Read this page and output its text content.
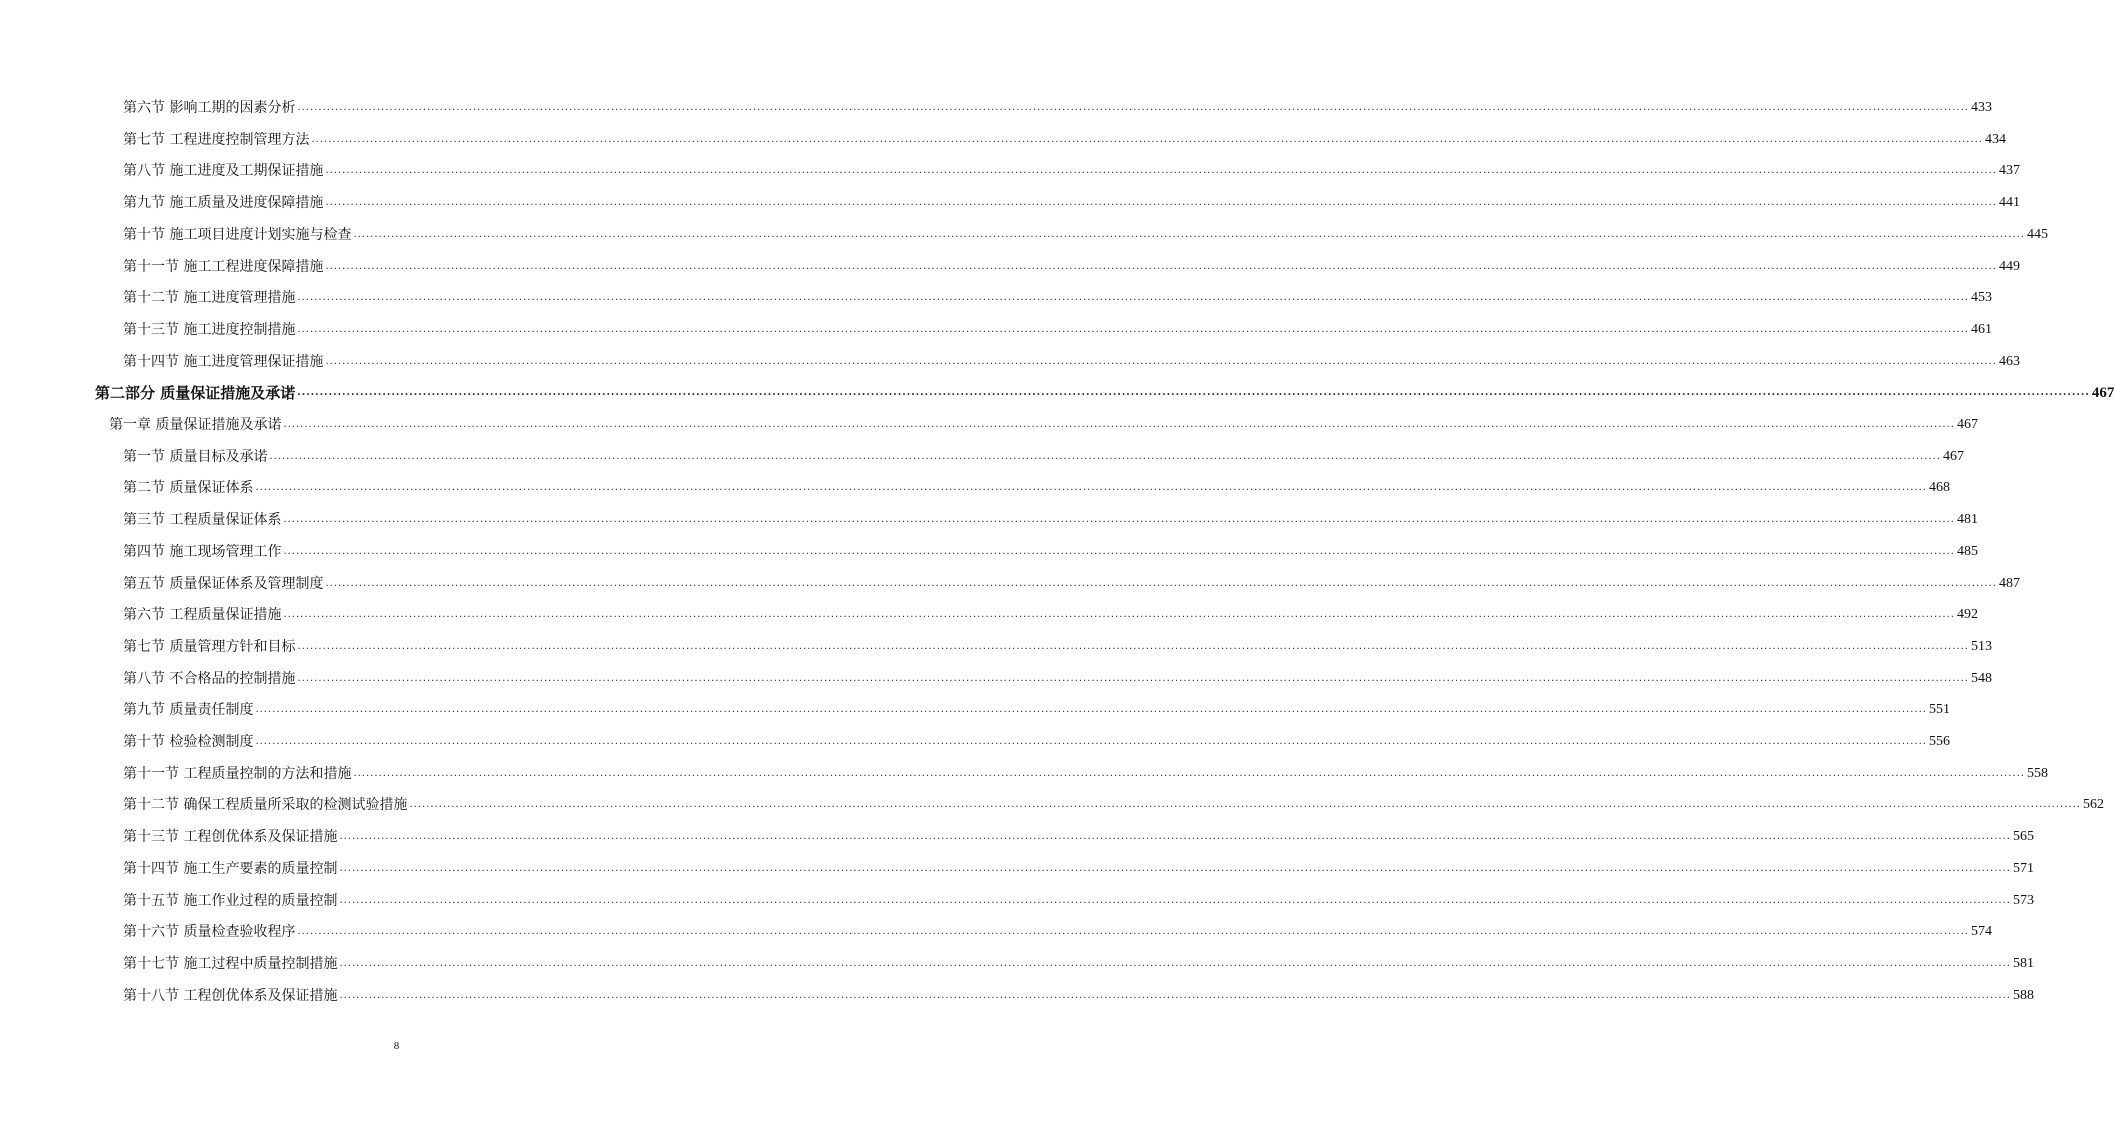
第六节 影响工期的因素分析 ................................................................................................................................................................................................................................................................................................................................................................................................................ 433
第七节 工程进度控制管理方法 ................................................................................................................................................................................................................................................................................................................................................................................................................ 434
第八节 施工进度及工期保证措施 ................................................................................................................................................................................................................................................................................................................................................................................................................ 437
第九节 施工质量及进度保障措施 ................................................................................................................................................................................................................................................................................................................................................................................................................ 441
第十节 施工项目进度计划实施与检查 ................................................................................................................................................................................................................................................................................................................................................................................................................ 445
第十一节 施工工程进度保障措施 ................................................................................................................................................................................................................................................................................................................................................................................................................ 449
第十二节 施工进度管理措施 ................................................................................................................................................................................................................................................................................................................................................................................................................ 453
第十三节 施工进度控制措施 ................................................................................................................................................................................................................................................................................................................................................................................................................ 461
第十四节 施工进度管理保证措施 ................................................................................................................................................................................................................................................................................................................................................................................................................ 463
第二部分 质量保证措施及承诺 ................................................................................................................................................................................................................................................................................................................................................................................................................ 467
第一章 质量保证措施及承诺 ................................................................................................................................................................................................................................................................................................................................................................................................................ 467
第一节 质量目标及承诺 ................................................................................................................................................................................................................................................................................................................................................................................................................ 467
第二节 质量保证体系 ................................................................................................................................................................................................................................................................................................................................................................................................................ 468
第三节 工程质量保证体系 ................................................................................................................................................................................................................................................................................................................................................................................................................ 481
第四节 施工现场管理工作 ................................................................................................................................................................................................................................................................................................................................................................................................................ 485
第五节 质量保证体系及管理制度 ................................................................................................................................................................................................................................................................................................................................................................................................................ 487
第六节 工程质量保证措施 ................................................................................................................................................................................................................................................................................................................................................................................................................ 492
第七节 质量管理方针和目标 ................................................................................................................................................................................................................................................................................................................................................................................................................ 513
第八节 不合格品的控制措施 ................................................................................................................................................................................................................................................................................................................................................................................................................ 548
第九节 质量责任制度 ................................................................................................................................................................................................................................................................................................................................................................................................................ 551
第十节 检验检测制度 ................................................................................................................................................................................................................................................................................................................................................................................................................ 556
第十一节 工程质量控制的方法和措施 ................................................................................................................................................................................................................................................................................................................................................................................................................ 558
第十二节 确保工程质量所采取的检测试验措施 ................................................................................................................................................................................................................................................................................................................................................................................................................ 562
第十三节 工程创优体系及保证措施 ................................................................................................................................................................................................................................................................................................................................................................................................................ 565
第十四节 施工生产要素的质量控制 ................................................................................................................................................................................................................................................................................................................................................................................................................ 571
第十五节 施工作业过程的质量控制 ................................................................................................................................................................................................................................................................................................................................................................................................................ 573
第十六节 质量检查验收程序 ................................................................................................................................................................................................................................................................................................................................................................................................................ 574
第十七节 施工过程中质量控制措施 ................................................................................................................................................................................................................................................................................................................................................................................................................ 581
第十八节 工程创优体系及保证措施 ................................................................................................................................................................................................................................................................................................................................................................................................................ 588
8
